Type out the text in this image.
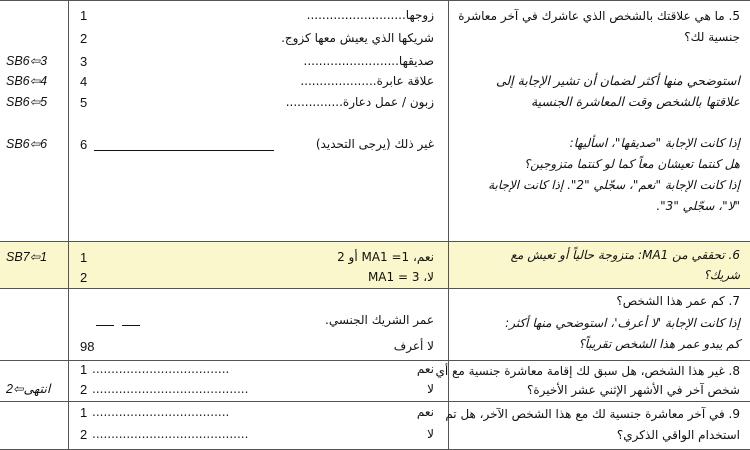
5. ما هي علاقتك بالشخص الذي عاشرك في آخر معاشرة
جنسية لك؟
استوضحي منها أكثر لضمان أن تشير الإجابة إلى
علاقتها بالشخص وقت المعاشرة الجنسية
إذا كانت الإجابة "صديقها"، اسأليها:
هل كنتما تعيشان معاً كما لو كنتما متزوجين؟
إذا كانت الإجابة "نعم"، سجّلي "2". إذا كانت الإجابة
"لا"، سجّلي "3".
زوجها..........................
1
شريكها الذي يعيش معها كزوج.
2
صديقها.........................
3
علاقة عابرة....................
4
زبون / عمل دعارة...............
5
غير ذلك (يرجى التحديد)
6
SB6⇦3
SB6⇦4
SB6⇦5
SB6⇦6
6. تحققي من MA1: متزوجة حالياً أو تعيش مع
شريك؟
نعم، 1= MA1 أو 2
1
لا، 3 = MA1
2
SB7⇦1
7. كم عمر هذا الشخص؟
إذا كانت الإجابة 'لا أعرف'، استوضحي منها أكثر:
كم يبدو عمر هذا الشخص تقريباً؟
عمر الشريك الجنسي.
لا أعرف
98
8. غير هذا الشخص، هل سبق لك إقامة معاشرة جنسية مع أي
شخص آخر في الأشهر الإثني عشر الأخيرة؟
نعم
....................................
1
لا
.........................................
2
2⇦انتهى
9. في آخر معاشرة جنسية لك مع هذا الشخص الآخر، هل تم
استخدام الواقي الذكري؟
نعم
....................................
1
لا
.........................................
2
